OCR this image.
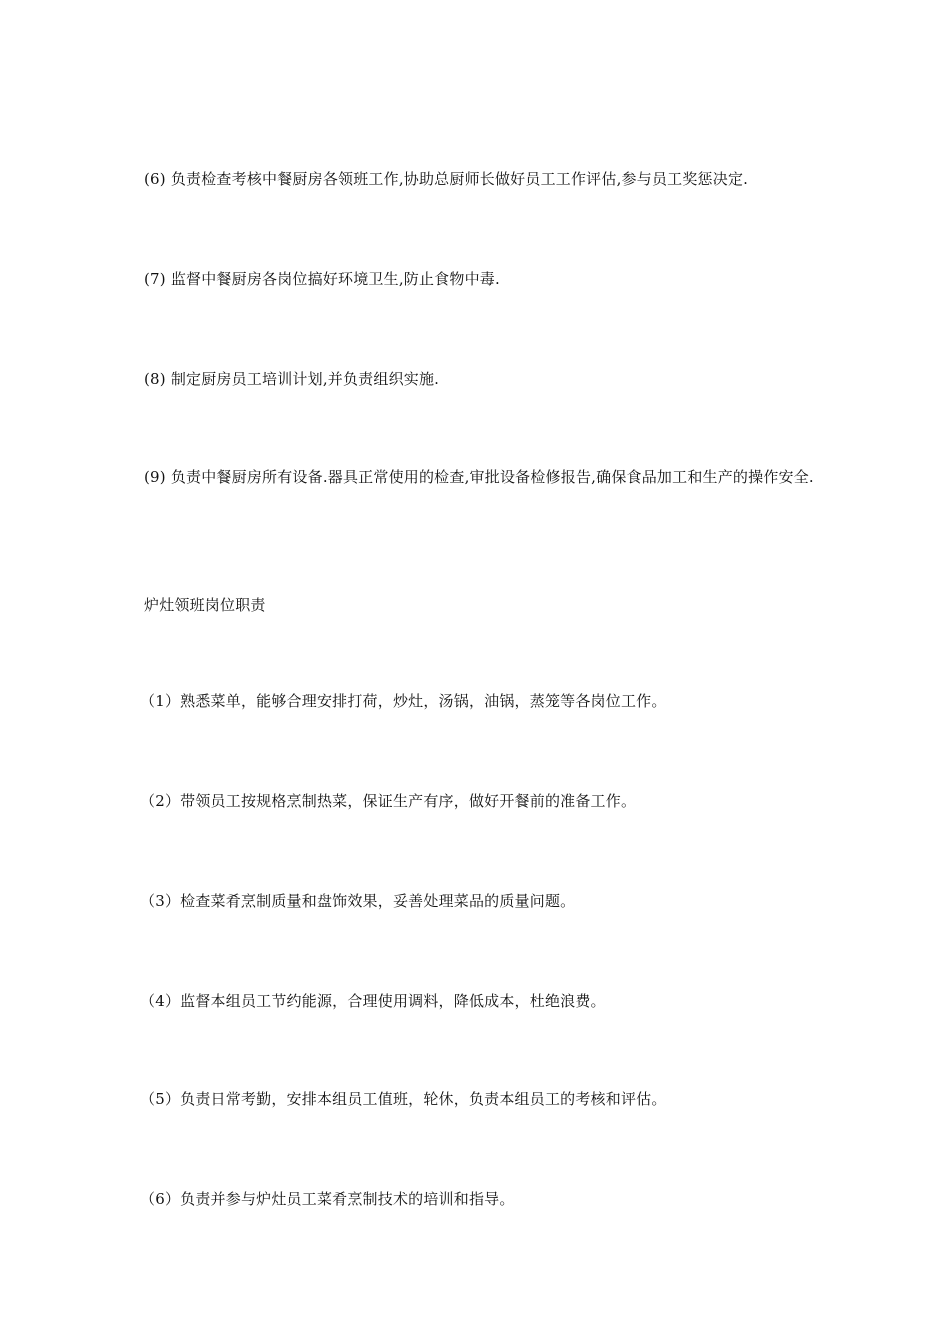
(6) 负责检查考核中餐厨房各领班工作,协助总厨师长做好员工工作评估,参与员工奖惩决定.

(7) 监督中餐厨房各岗位搞好环境卫生,防止食物中毒.

(8) 制定厨房员工培训计划,并负责组织实施.

(9) 负责中餐厨房所有设备.器具正常使用的检查,审批设备检修报告,确保食品加工和生产的操作安全.

炉灶领班岗位职责

（1）熟悉菜单，能够合理安排打荷，炒灶，汤锅，油锅，蒸笼等各岗位工作。

（2）带领员工按规格烹制热菜，保证生产有序，做好开餐前的准备工作。

（3）检查菜肴烹制质量和盘饰效果，妥善处理菜品的质量问题。

（4）监督本组员工节约能源，合理使用调料，降低成本，杜绝浪费。

（5）负责日常考勤，安排本组员工值班，轮休，负责本组员工的考核和评估。

（6）负责并参与炉灶员工菜肴烹制技术的培训和指导。
